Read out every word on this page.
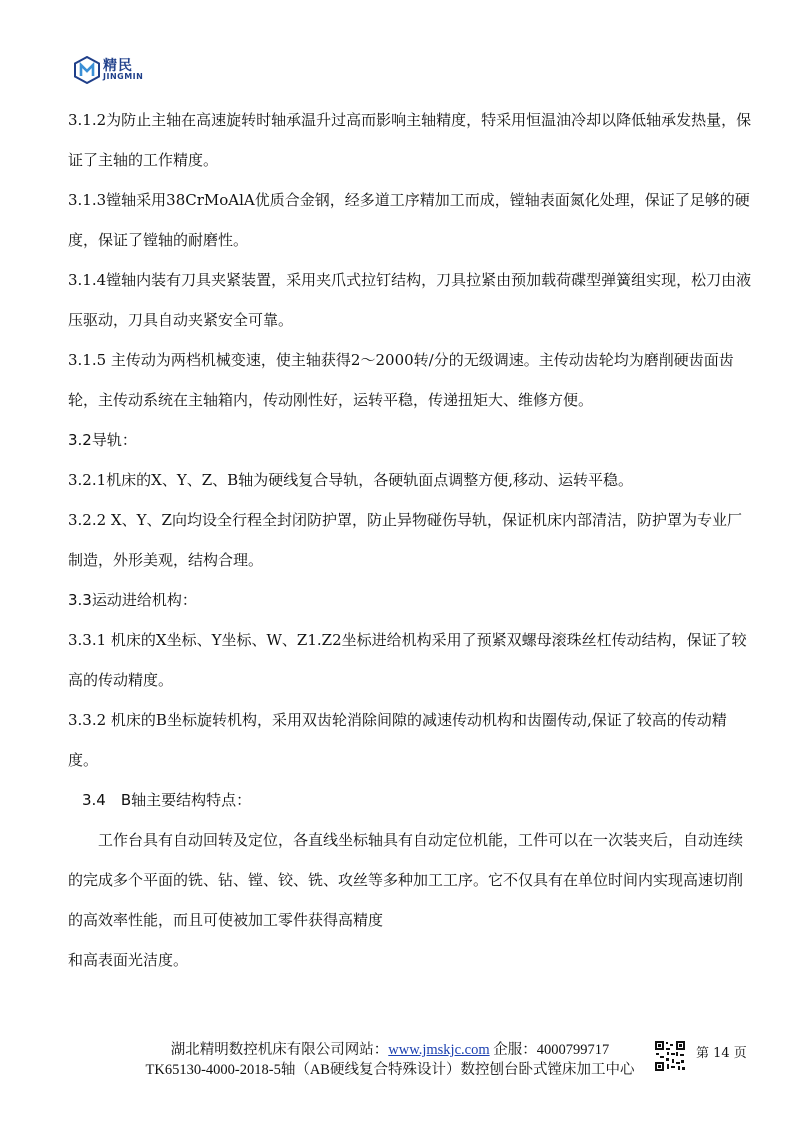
精民
JINGMIN

3.1.2为防止主轴在高速旋转时轴承温升过高而影响主轴精度，特采用恒温油冷却以降低轴承发热量，保证了主轴的工作精度。

3.1.3镗轴采用38CrMoAlA优质合金钢，经多道工序精加工而成，镗轴表面氮化处理，保证了足够的硬度，保证了镗轴的耐磨性。

3.1.4镗轴内装有刀具夹紧装置，采用夹爪式拉钉结构，刀具拉紧由预加载荷碟型弹簧组实现，松刀由液压驱动，刀具自动夹紧安全可靠。

3.1.5 主传动为两档机械变速，使主轴获得2～2000转/分的无级调速。主传动齿轮均为磨削硬齿面齿轮，主传动系统在主轴箱内，传动刚性好，运转平稳，传递扭矩大、维修方便。

3.2导轨：

3.2.1机床的X、Y、Z、B轴为硬线复合导轨，各硬轨面点调整方便,移动、运转平稳。

3.2.2 X、Y、Z向均设全行程全封闭防护罩，防止异物碰伤导轨，保证机床内部清洁，防护罩为专业厂制造，外形美观，结构合理。

3.3运动进给机构：

3.3.1 机床的X坐标、Y坐标、W、Z1.Z2坐标进给机构采用了预紧双螺母滚珠丝杠传动结构，保证了较高的传动精度。

3.3.2 机床的B坐标旋转机构，采用双齿轮消除间隙的减速传动机构和齿圈传动,保证了较高的传动精度。

3.4　B轴主要结构特点：

工作台具有自动回转及定位，各直线坐标轴具有自动定位机能，工件可以在一次装夹后，自动连续的完成多个平面的铣、钻、镗、铰、铣、攻丝等多种加工工序。它不仅具有在单位时间内实现高速切削的高效率性能，而且可使被加工零件获得高精度

和高表面光洁度。

湖北精明数控机床有限公司网站：www.jmskjc.com 企服：4000799717
TK65130-4000-2018-5轴（AB硬线复合特殊设计）数控刨台卧式镗床加工中心
第 14 页
